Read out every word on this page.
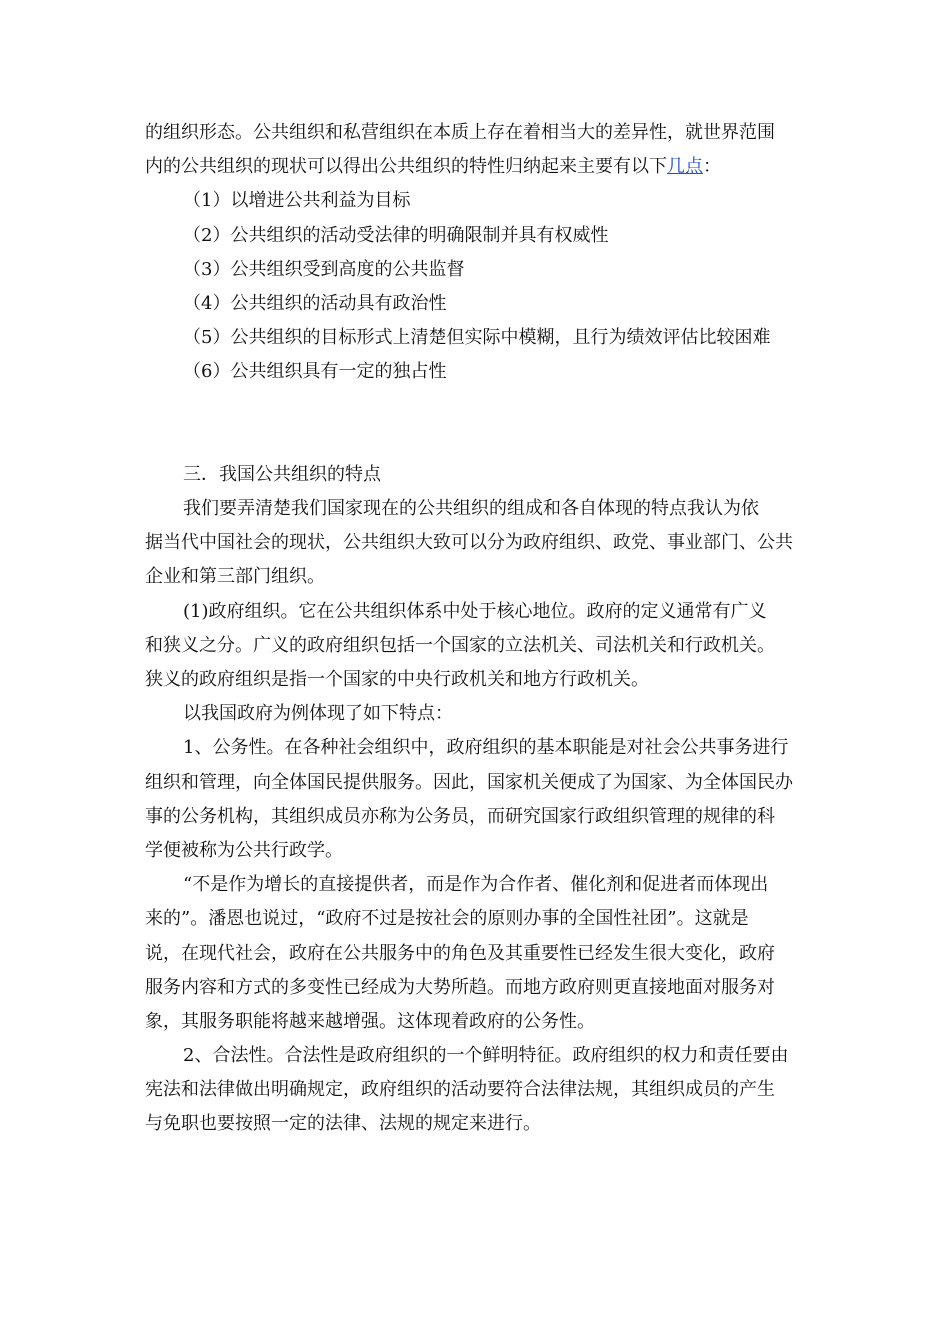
的组织形态。公共组织和私营组织在本质上存在着相当大的差异性，就世界范围
内的公共组织的现状可以得出公共组织的特性归纳起来主要有以下几点：
（1）以增进公共利益为目标
（2）公共组织的活动受法律的明确限制并具有权威性
（3）公共组织受到高度的公共监督
（4）公共组织的活动具有政治性
（5）公共组织的目标形式上清楚但实际中模糊，且行为绩效评估比较困难
（6）公共组织具有一定的独占性
三．我国公共组织的特点
我们要弄清楚我们国家现在的公共组织的组成和各自体现的特点我认为依
据当代中国社会的现状，公共组织大致可以分为政府组织、政党、事业部门、公共
企业和第三部门组织。
(1)政府组织。它在公共组织体系中处于核心地位。政府的定义通常有广义
和狭义之分。广义的政府组织包括一个国家的立法机关、司法机关和行政机关。
狭义的政府组织是指一个国家的中央行政机关和地方行政机关。
以我国政府为例体现了如下特点：
1、公务性。在各种社会组织中，政府组织的基本职能是对社会公共事务进行
组织和管理，向全体国民提供服务。因此，国家机关便成了为国家、为全体国民办
事的公务机构，其组织成员亦称为公务员，而研究国家行政组织管理的规律的科
学便被称为公共行政学。
“不是作为增长的直接提供者，而是作为合作者、催化剂和促进者而体现出
来的”。潘恩也说过，“政府不过是按社会的原则办事的全国性社团”。这就是
说，在现代社会，政府在公共服务中的角色及其重要性已经发生很大变化，政府
服务内容和方式的多变性已经成为大势所趋。而地方政府则更直接地面对服务对
象，其服务职能将越来越增强。这体现着政府的公务性。
2、合法性。合法性是政府组织的一个鲜明特征。政府组织的权力和责任要由
宪法和法律做出明确规定，政府组织的活动要符合法律法规，其组织成员的产生
与免职也要按照一定的法律、法规的规定来进行。
